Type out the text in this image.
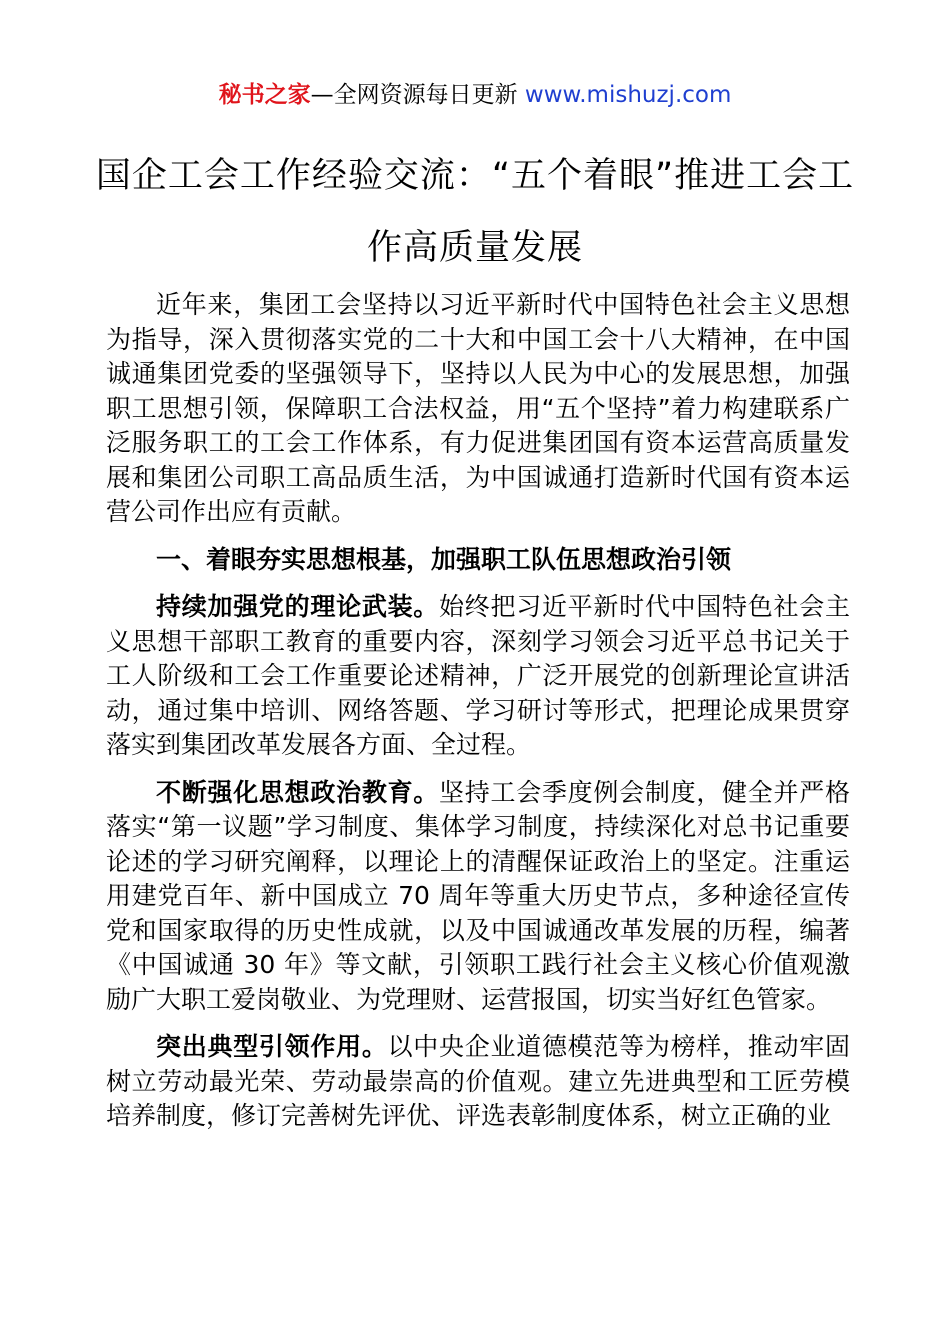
秘书之家—全网资源每日更新 www.mishuzj.com
国企工会工作经验交流：“五个着眼”推进工会工作高质量发展

近年来，集团工会坚持以习近平新时代中国特色社会主义思想为指导，深入贯彻落实党的二十大和中国工会十八大精神，在中国诚通集团党委的坚强领导下，坚持以人民为中心的发展思想，加强职工思想引领，保障职工合法权益，用“五个坚持”着力构建联系广泛服务职工的工会工作体系，有力促进集团国有资本运营高质量发展和集团公司职工高品质生活，为中国诚通打造新时代国有资本运营公司作出应有贡献。

一、着眼夯实思想根基，加强职工队伍思想政治引领

持续加强党的理论武装。始终把习近平新时代中国特色社会主义思想干部职工教育的重要内容，深刻学习领会习近平总书记关于工人阶级和工会工作重要论述精神，广泛开展党的创新理论宣讲活动，通过集中培训、网络答题、学习研讨等形式，把理论成果贯穿落实到集团改革发展各方面、全过程。

不断强化思想政治教育。坚持工会季度例会制度，健全并严格落实“第一议题”学习制度、集体学习制度，持续深化对总书记重要论述的学习研究阐释，以理论上的清醒保证政治上的坚定。注重运用建党百年、新中国成立 70 周年等重大历史节点，多种途径宣传党和国家取得的历史性成就，以及中国诚通改革发展的历程，编著《中国诚通 30 年》等文献，引领职工践行社会主义核心价值观激励广大职工爱岗敬业、为党理财、运营报国，切实当好红色管家。

突出典型引领作用。以中央企业道德模范等为榜样，推动牢固树立劳动最光荣、劳动最崇高的价值观。建立先进典型和工匠劳模培养制度，修订完善树先评优、评选表彰制度体系，树立正确的业
